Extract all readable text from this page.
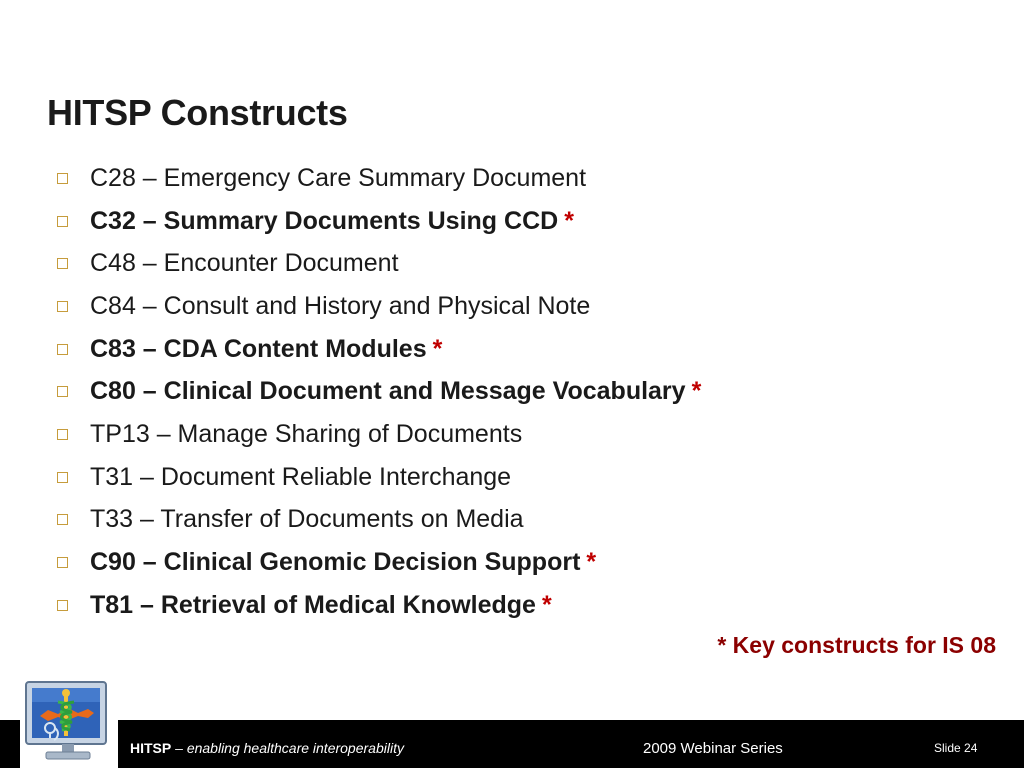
HITSP Constructs
C28 – Emergency Care Summary Document
C32 – Summary Documents Using CCD *
C48 – Encounter Document
C84 – Consult and History and Physical Note
C83 – CDA Content Modules *
C80 – Clinical Document and Message Vocabulary *
TP13 – Manage Sharing of Documents
T31 – Document Reliable Interchange
T33 – Transfer of Documents on Media
C90 – Clinical Genomic Decision Support *
T81 – Retrieval of Medical Knowledge *
* Key constructs for IS 08
HITSP – enabling healthcare interoperability	2009 Webinar Series	Slide 24
